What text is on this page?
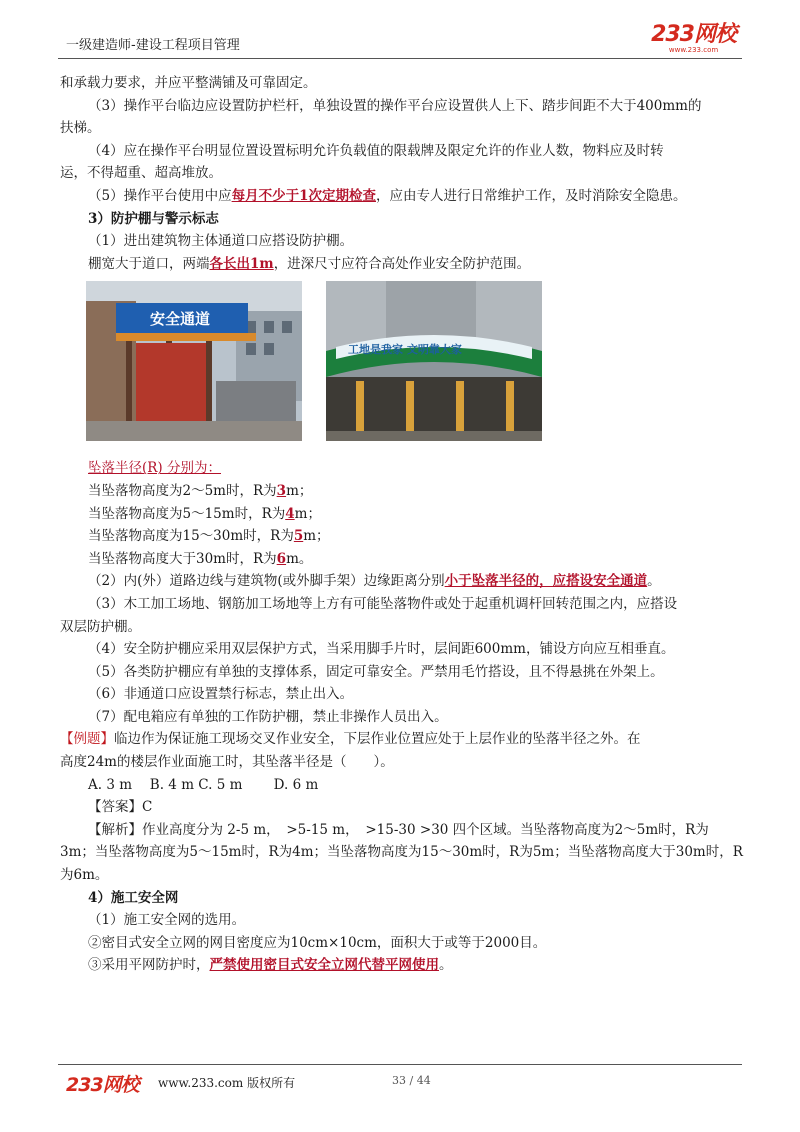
一级建造师-建设工程项目管理	233网校
www.233.com

和承载力要求，并应平整满铺及可靠固定。

（3）操作平台临边应设置防护栏杆，单独设置的操作平台应设置供人上下、踏步间距不大于400mm的

扶梯。

（4）应在操作平台明显位置设置标明允许负载值的限载牌及限定允许的作业人数，物料应及时转

运，不得超重、超高堆放。

（5）操作平台使用中应每月不少于1次定期检查，应由专人进行日常维护工作，及时消除安全隐患。

3）防护棚与警示标志

（1）进出建筑物主体通道口应搭设防护棚。

棚宽大于道口，两端各长出1m，进深尺寸应符合高处作业安全防护范围。

安全通道
工地是我家 文明靠大家

坠落半径(R) 分别为：

当坠落物高度为2～5m时，R为3m；

当坠落物高度为5～15m时，R为4m；

当坠落物高度为15～30m时，R为5m；

当坠落物高度大于30m时，R为6m。

（2）内(外）道路边线与建筑物(或外脚手架）边缘距离分别小于坠落半径的，应搭设安全通道。

（3）木工加工场地、钢筋加工场地等上方有可能坠落物件或处于起重机调杆回转范围之内，应搭设

双层防护棚。

（4）安全防护棚应采用双层保护方式，当采用脚手片时，层间距600mm，铺设方向应互相垂直。

（5）各类防护棚应有单独的支撑体系，固定可靠安全。严禁用毛竹搭设，且不得悬挑在外架上。

（6）非通道口应设置禁行标志，禁止出入。

（7）配电箱应有单独的工作防护棚，禁止非操作人员出入。

【例题】临边作为保证施工现场交叉作业安全，下层作业位置应处于上层作业的坠落半径之外。在

高度24m的楼层作业面施工时，其坠落半径是（　　）。

A. 3 m　 B. 4 m C. 5 m　　 D. 6 m

【答案】C

【解析】作业高度分为 2-5 m，　>5-15 m，　>15-30 >30 四个区域。当坠落物高度为2～5m时，R为

3m；当坠落物高度为5～15m时，R为4m；当坠落物高度为15～30m时，R为5m；当坠落物高度大于30m时，R

为6m。

4）施工安全网

（1）施工安全网的选用。

②密目式安全立网的网目密度应为10cm×10cm，面积大于或等于2000目。

③采用平网防护时，严禁使用密目式安全立网代替平网使用。

233网校 www.233.com 版权所有	33 / 44
